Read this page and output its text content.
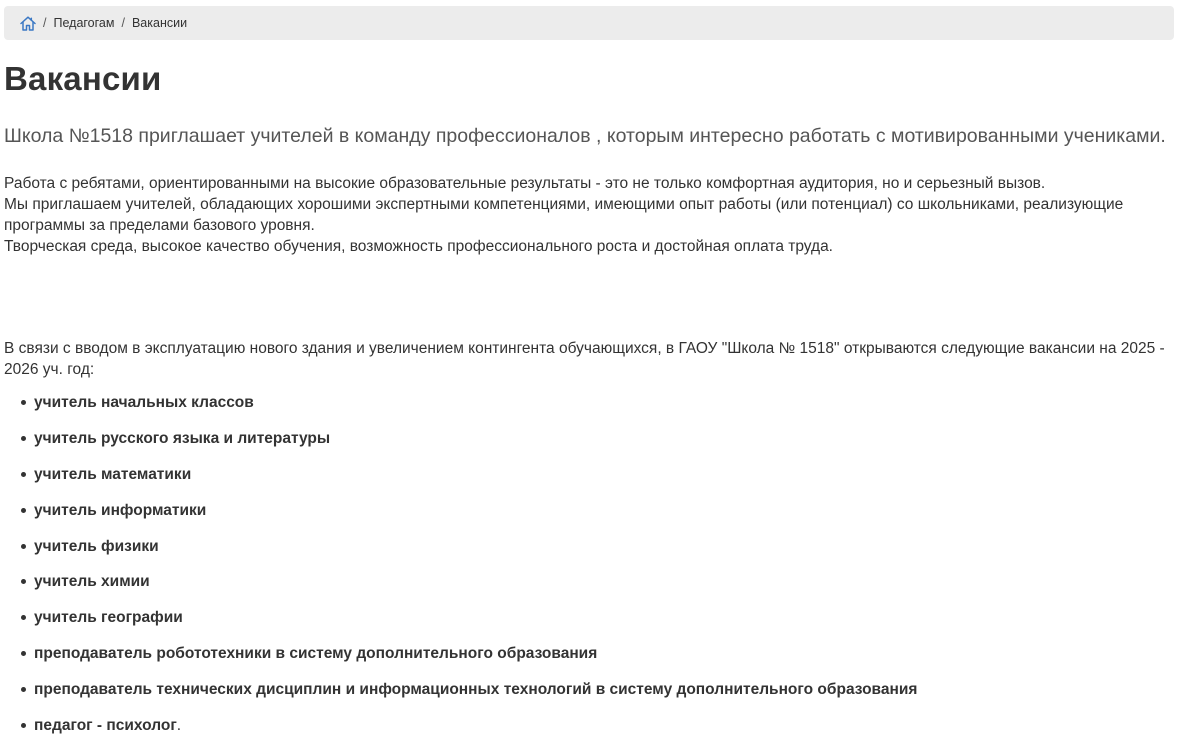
/ Педагогам / Вакансии
Вакансии
Школа №1518 приглашает учителей в команду профессионалов , которым интересно работать с мотивированными учениками.

Работа с ребятами, ориентированными на высокие образовательные результаты - это не только комфортная аудитория, но и серьезный вызов.

Мы приглашаем учителей, обладающих хорошими экспертными компетенциями, имеющими опыт работы (или потенциал) со школьниками, реализующие программы за пределами базового уровня.

Творческая среда, высокое качество обучения, возможность профессионального роста и достойная оплата труда.

В связи с вводом в эксплуатацию нового здания и увеличением контингента обучающихся, в ГАОУ "Школа № 1518" открываются следующие вакансии на 2025 - 2026 уч. год:
учитель начальных классов
учитель русского языка и литературы
учитель математики
учитель информатики
учитель физики
учитель химии
учитель географии
преподаватель робототехники в систему дополнительного образования
преподаватель технических дисциплин и информационных технологий в систему дополнительного образования
педагог - психолог.
